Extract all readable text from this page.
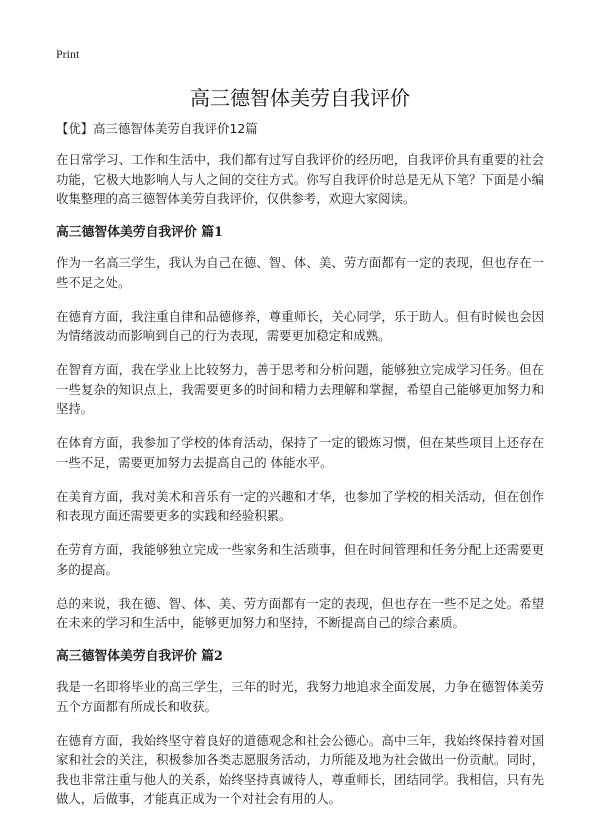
Print
高三德智体美劳自我评价
【优】高三德智体美劳自我评价12篇

在日常学习、工作和生活中，我们都有过写自我评价的经历吧，自我评价具有重要的社会功能，它极大地影响人与人之间的交往方式。你写自我评价时总是无从下笔？下面是小编收集整理的高三德智体美劳自我评价，仅供参考，欢迎大家阅读。

高三德智体美劳自我评价 篇1

作为一名高三学生，我认为自己在德、智、体、美、劳方面都有一定的表现，但也存在一些不足之处。

在德育方面，我注重自律和品德修养，尊重师长，关心同学，乐于助人。但有时候也会因为情绪波动而影响到自己的行为表现，需要更加稳定和成熟。

在智育方面，我在学业上比较努力，善于思考和分析问题，能够独立完成学习任务。但在一些复杂的知识点上，我需要更多的时间和精力去理解和掌握，希望自己能够更加努力和坚持。

在体育方面，我参加了学校的体育活动，保持了一定的锻炼习惯，但在某些项目上还存在一些不足，需要更加努力去提高自己的 体能水平。

在美育方面，我对美术和音乐有一定的兴趣和才华，也参加了学校的相关活动，但在创作和表现方面还需要更多的实践和经验积累。

在劳育方面，我能够独立完成一些家务和生活琐事，但在时间管理和任务分配上还需要更多的提高。

总的来说，我在德、智、体、美、劳方面都有一定的表现，但也存在一些不足之处。希望在未来的学习和生活中，能够更加努力和坚持，不断提高自己的综合素质。

高三德智体美劳自我评价 篇2

我是一名即将毕业的高三学生，三年的时光，我努力地追求全面发展，力争在德智体美劳五个方面都有所成长和收获。

在德育方面，我始终坚守着良好的道德观念和社会公德心。高中三年，我始终保持着对国家和社会的关注，积极参加各类志愿服务活动，力所能及地为社会做出一份贡献。同时，我也非常注重与他人的关系，始终坚持真诚待人，尊重师长，团结同学。我相信，只有先做人，后做事，才能真正成为一个对社会有用的人。
